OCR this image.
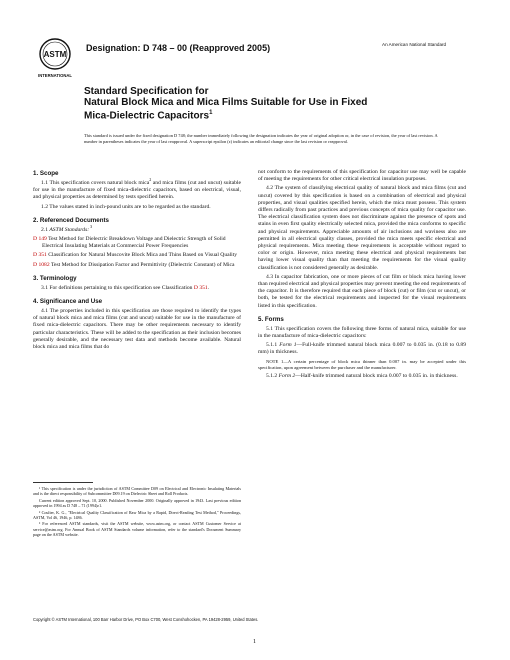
ASTM
INTERNATIONAL
Designation: D 748 – 00 (Reapproved 2005)	An American National Standard
Standard Specification for
Natural Block Mica and Mica Films Suitable for Use in Fixed
Mica-Dielectric Capacitors$^1$
This standard is issued under the fixed designation D 748; the number immediately following the designation indicates the year of original adoption or, in the case of revision, the year of last revision. A number in parentheses indicates the year of last reapproval. A superscript epsilon (ε) indicates an editorial change since the last revision or reapproval.
1. Scope

1.1 This specification covers natural block mica$^2$ and mica films (cut and uncut) suitable for use in the manufacture of fixed mica-dielectric capacitors, based on electrical, visual, and physical properties as determined by tests specified herein.

1.2 The values stated in inch-pound units are to be regarded as the standard.

2. Referenced Documents

2.1 ASTM Standards: $^3$

D 149 Test Method for Dielectric Breakdown Voltage and Dielectric Strength of Solid Electrical Insulating Materials at Commercial Power Frequencies

D 351 Classification for Natural Muscovite Block Mica and Thins Based on Visual Quality

D 1082 Test Method for Dissipation Factor and Permittivity (Dielectric Constant) of Mica

3. Terminology

3.1 For definitions pertaining to this specification see Classification D 351.

4. Significance and Use

4.1 The properties included in this specification are those required to identify the types of natural block mica and mica films (cut and uncut) suitable for use in the manufacture of fixed mica-dielectric capacitors. There may be other requirements necessary to identify particular characteristics. These will be added to the specification as their inclusion becomes generally desirable, and the necessary test data and methods become available. Natural block mica and mica films that do

not conform to the requirements of this specification for capacitor use may well be capable of meeting the requirements for other critical electrical insulation purposes.

4.2 The system of classifying electrical quality of natural block and mica films (cut and uncut) covered by this specification is based on a combination of electrical and physical properties, and visual qualities specified herein, which the mica must possess. This system differs radically from past practices and previous concepts of mica quality for capacitor use. The electrical classification system does not discriminate against the presence of spots and stains in even first quality electrically selected mica, provided the mica conforms to specific and physical requirements. Appreciable amounts of air inclusions and waviness also are permitted in all electrical quality classes, provided the mica meets specific electrical and physical requirements. Mica meeting these requirements is acceptable without regard to color or origin. However, mica meeting these electrical and physical requirements but having lower visual quality than that meeting the requirements for the visual quality classification is not considered generally as desirable.

4.3 In capacitor fabrication, one or more pieces of cut film or block mica having lower than required electrical and physical properties may prevent meeting the end requirements of the capacitor. It is therefore required that each piece of block (cut) or film (cut or uncut), or both, be tested for the electrical requirements and inspected for the visual requirements listed in this specification.

5. Forms

5.1 This specification covers the following three forms of natural mica, suitable for use in the manufacture of mica-dielectric capacitors:

5.1.1 Form 1—Full-knife trimmed natural block mica 0.007 to 0.035 in. (0.18 to 0.89 mm) in thickness.

NOTE 1—A certain percentage of block mica thinner than 0.007 in. may be accepted under this specification, upon agreement between the purchaser and the manufacturer.

5.1.2 Form 2—Half-knife trimmed natural block mica 0.007 to 0.035 in. in thickness.

¹ This specification is under the jurisdiction of ASTM Committee D09 on Electrical and Electronic Insulating Materials and is the direct responsibility of Subcommittee D09.19 on Dielectric Sheet and Roll Products.

Current edition approved Sept. 10, 2000. Published November 2000. Originally approved in 1943. Last previous edition approved in 1994 as D 748 – 71 (1994)ε1.

² Coulter, K. G., "Electrical Quality Classification of Raw Mica by a Rapid, Direct-Reading Test Method," Proceedings, ASTM, Vol 46, 1946, p. 1486.

³ For referenced ASTM standards, visit the ASTM website, www.astm.org, or contact ASTM Customer Service at service@astm.org. For Annual Book of ASTM Standards volume information, refer to the standard's Document Summary page on the ASTM website.

Copyright © ASTM International, 100 Barr Harbor Drive, PO Box C700, West Conshohocken, PA 19428-2959, United States.
1
